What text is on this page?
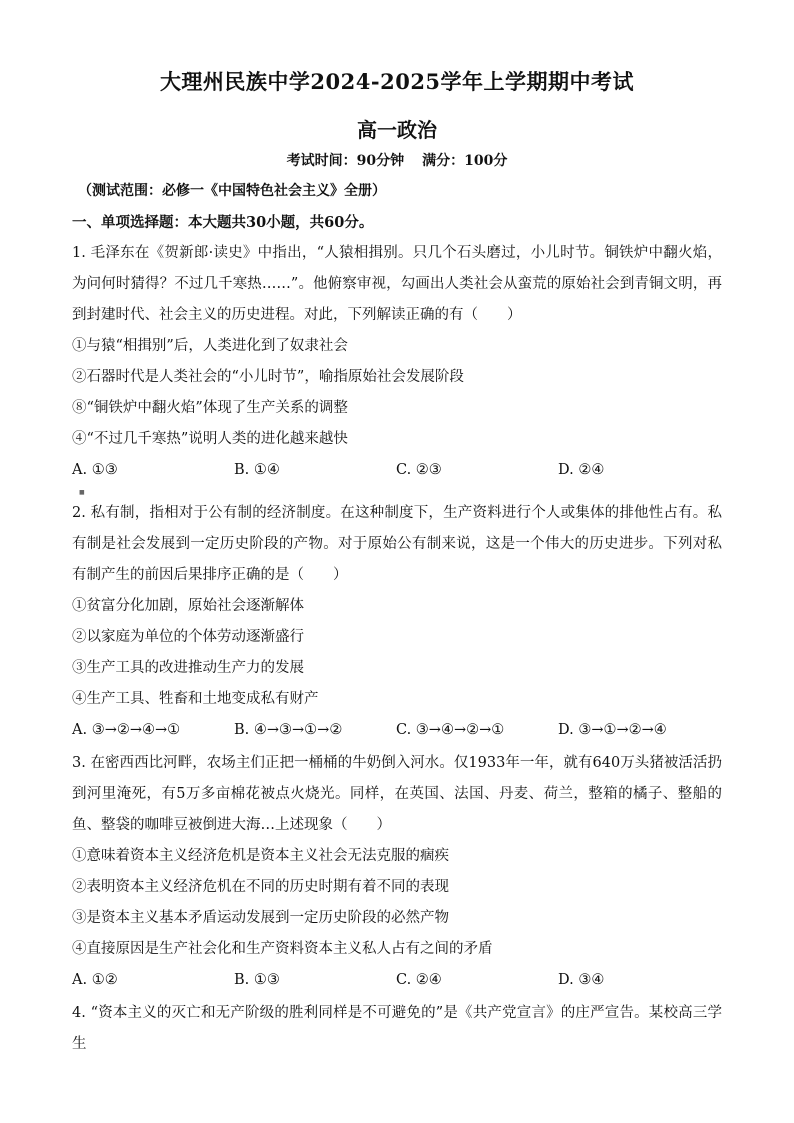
大理州民族中学2024-2025学年上学期期中考试
高一政治
考试时间：90分钟 满分：100分
（测试范围：必修一《中国特色社会主义》全册）
一、单项选择题：本大题共30小题，共60分。

1. 毛泽东在《贺新郎·读史》中指出，“人猿相揖别。只几个石头磨过，小儿时节。铜铁炉中翻火焰，为问何时猜得？不过几千寒热……”。他俯察审视，勾画出人类社会从蛮荒的原始社会到青铜文明，再到封建时代、社会主义的历史进程。对此，下列解读正确的有（　　）

①与猿“相揖别”后，人类进化到了奴隶社会

②石器时代是人类社会的“小儿时节”，喻指原始社会发展阶段

⑧“铜铁炉中翻火焰”体现了生产关系的调整

④“不过几千寒热”说明人类的进化越来越快

A. ①③	B. ①④	C. ②③	D. ②④
■

2. 私有制，指相对于公有制的经济制度。在这种制度下，生产资料进行个人或集体的排他性占有。私有制是社会发展到一定历史阶段的产物。对于原始公有制来说，这是一个伟大的历史进步。下列对私有制产生的前因后果排序正确的是（　　）

①贫富分化加剧，原始社会逐渐解体

②以家庭为单位的个体劳动逐渐盛行

③生产工具的改进推动生产力的发展

④生产工具、牲畜和土地变成私有财产

A. ③→②→④→①	B. ④→③→①→②	C. ③→④→②→①	D. ③→①→②→④

3. 在密西西比河畔，农场主们正把一桶桶的牛奶倒入河水。仅1933年一年，就有640万头猪被活活扔到河里淹死，有5万多亩棉花被点火烧光。同样，在英国、法国、丹麦、荷兰，整箱的橘子、整船的鱼、整袋的咖啡豆被倒进大海…上述现象（　　）

①意味着资本主义经济危机是资本主义社会无法克服的痼疾

②表明资本主义经济危机在不同的历史时期有着不同的表现

③是资本主义基本矛盾运动发展到一定历史阶段的必然产物

④直接原因是生产社会化和生产资料资本主义私人占有之间的矛盾

A. ①②	B. ①③	C. ②④	D. ③④

4. “资本主义的灭亡和无产阶级的胜利同样是不可避免的”是《共产党宣言》的庄严宣告。某校高三学生
